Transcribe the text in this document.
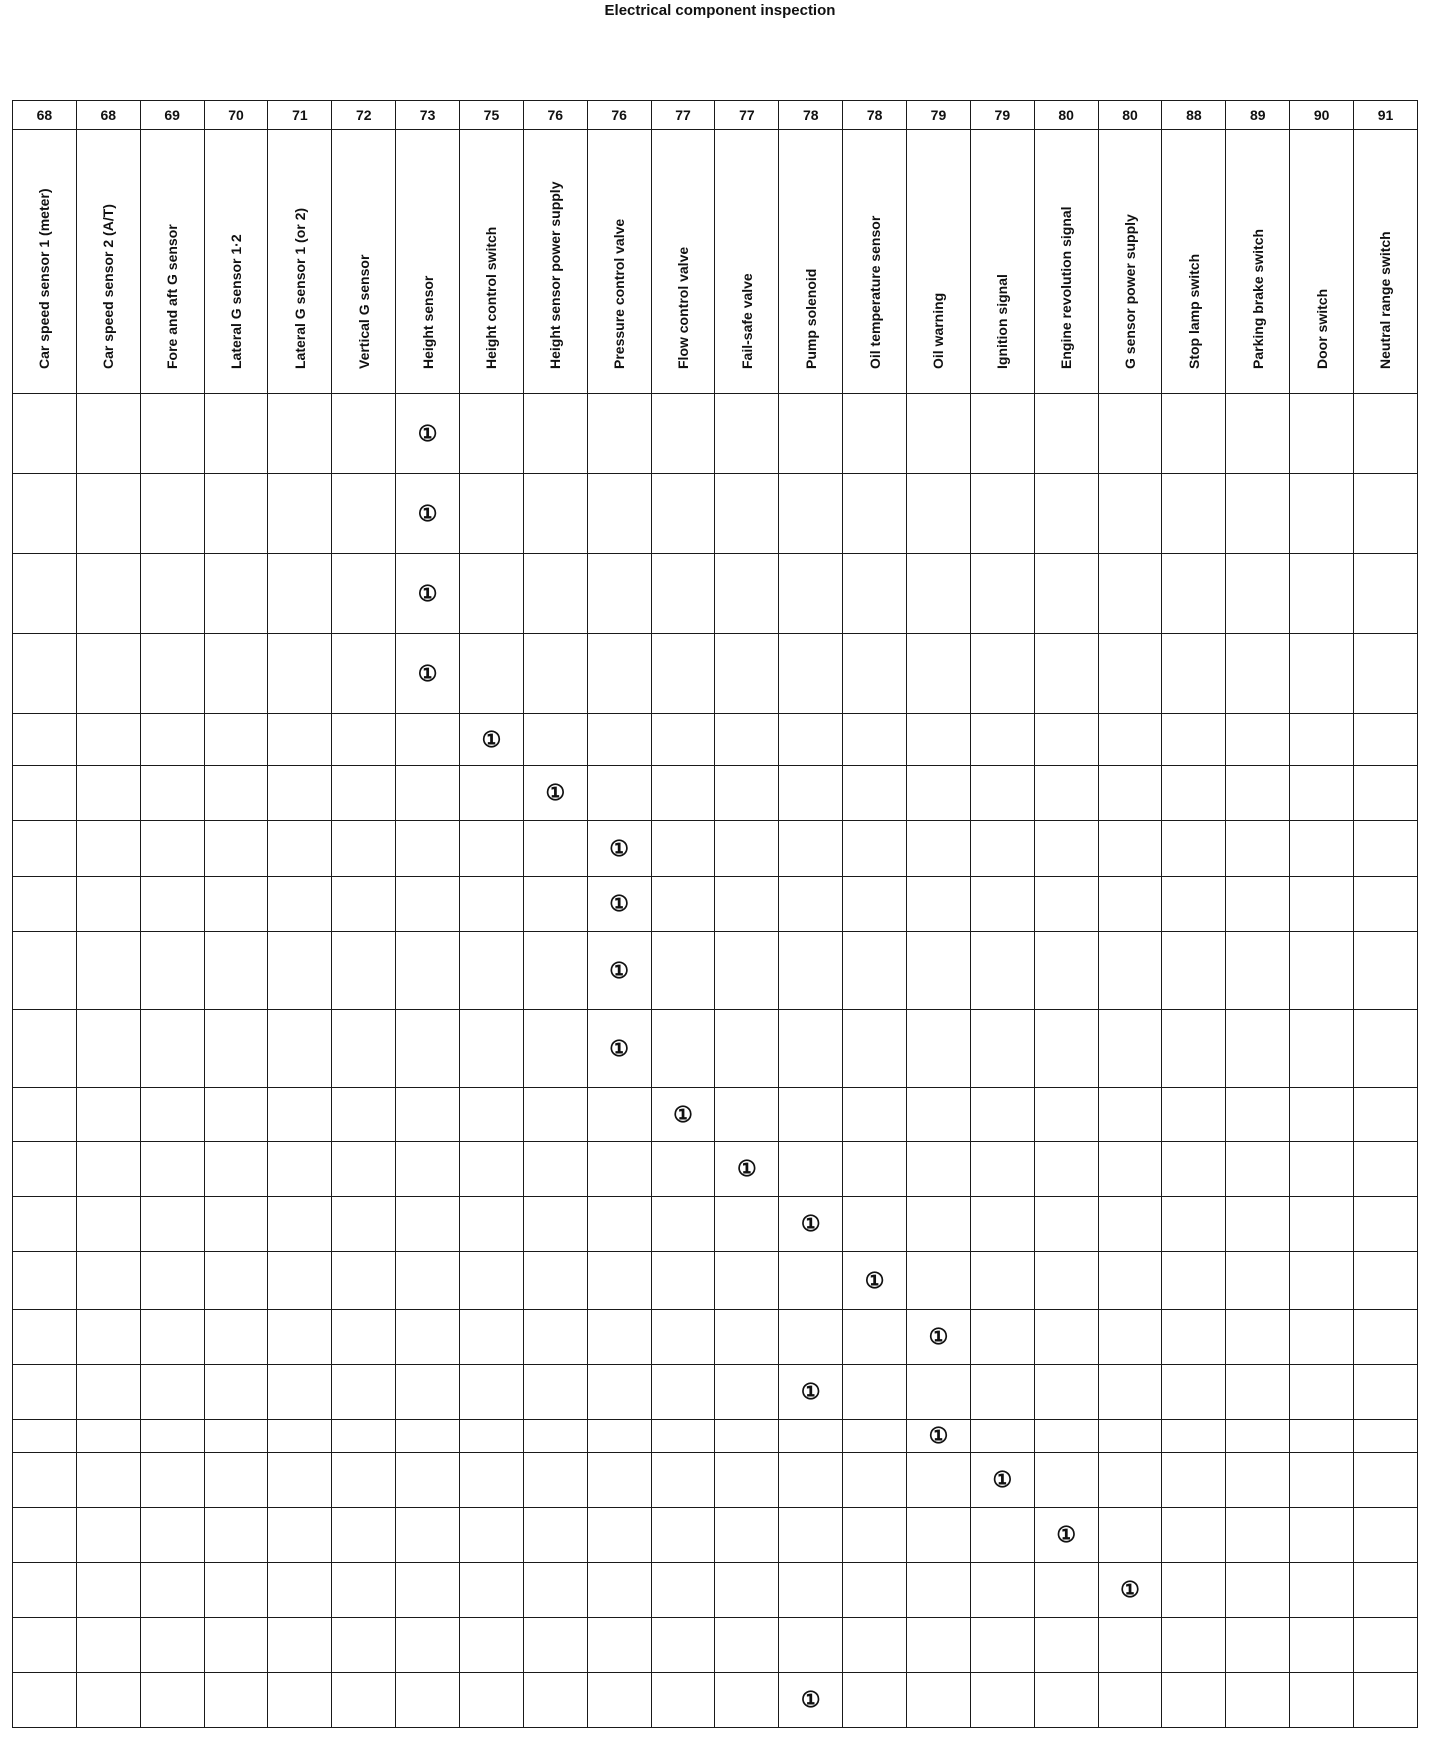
Electrical component inspection
68	68	69	70	71	72	73	75	76	76	77	77	78	78	79	79	80	80	88	89	90	91

Car speed sensor 1 (meter)	Car speed sensor 2 (A/T)	Fore and aft G sensor	Lateral G sensor 1·2	Lateral G sensor 1 (or 2)	Vertical G sensor	Height sensor	Height control switch	Height sensor power supply	Pressure control valve	Flow control valve	Fail-safe valve	Pump solenoid	Oil temperature sensor	Oil warning	Ignition signal	Engine revolution signal	G sensor power supply	Stop lamp switch	Parking brake switch	Door switch	Neutral range switch

						①															
						①															
						①															
						①															
							①														
								①													
									①												
									①												
									①												
									①												
										①											
											①										
												①									
													①								
														①							
												①									
														①							
															①						
																①					
																	①				

												①									
